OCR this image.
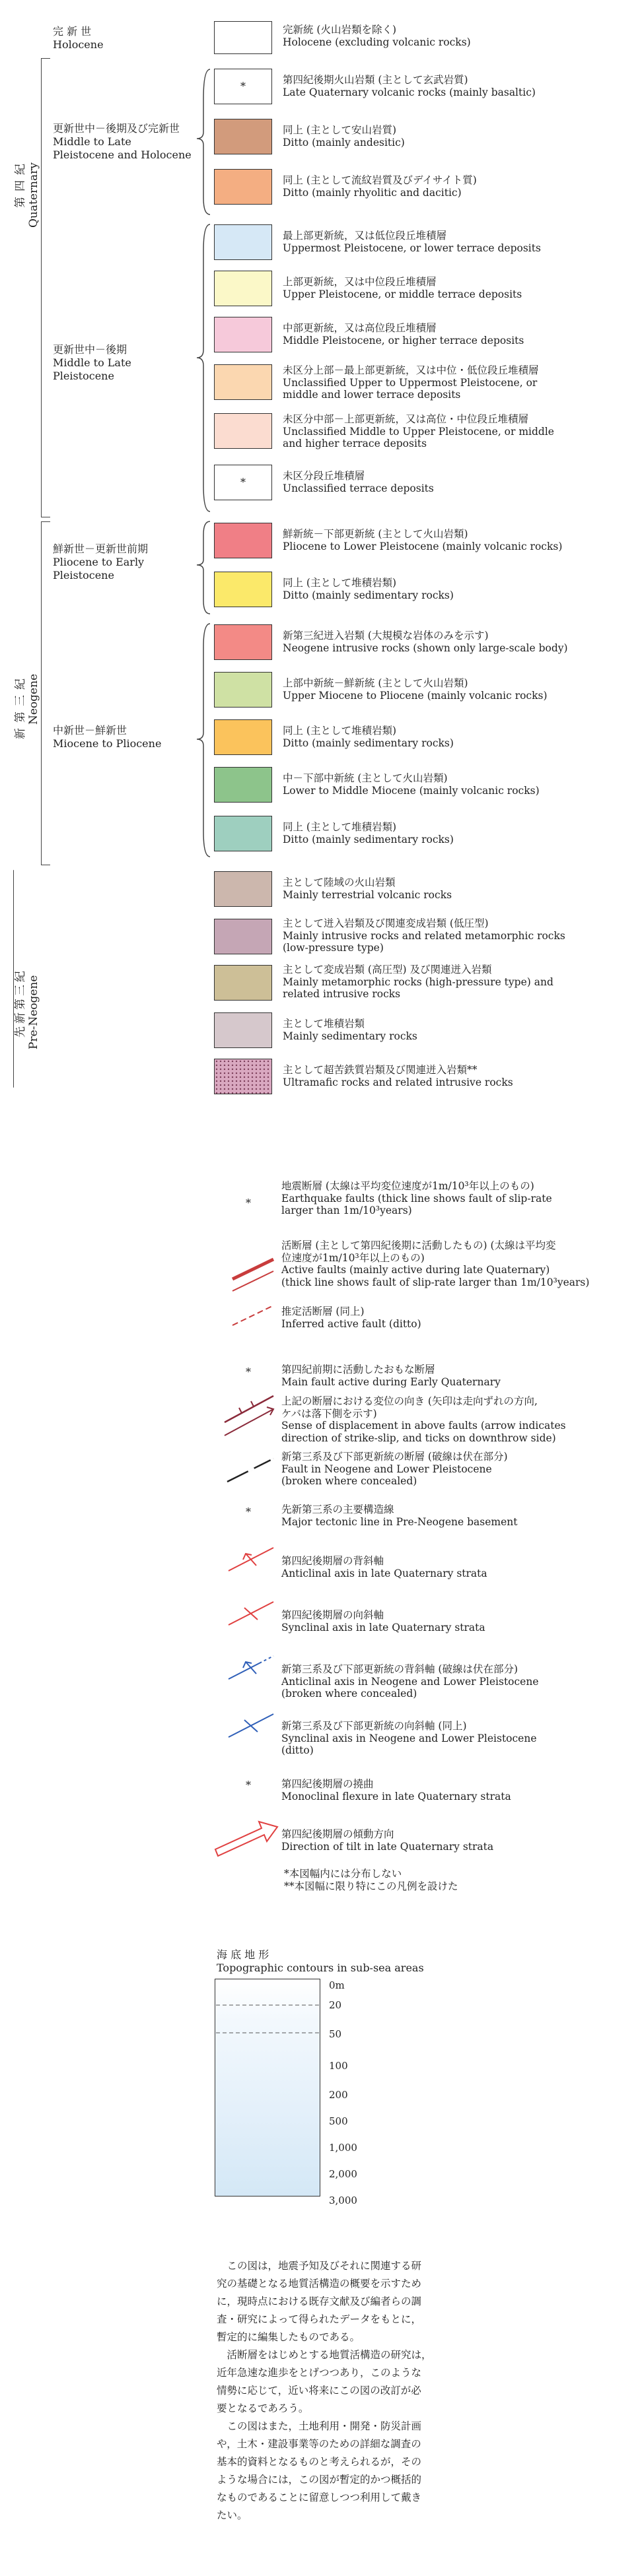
第四紀 Quaternary
新第三紀 Neogene
先新第三紀 Pre-Neogene
完 新 世
Holocene
更新世中－後期及び完新世
Middle to Late
Pleistocene and Holocene
更新世中－後期
Middle to Late
Pleistocene
鮮新世－更新世前期
Pliocene to Early
Pleistocene
中新世－鮮新世
Miocene to Pliocene
完新統 (火山岩類を除く)
Holocene (excluding volcanic rocks)
*	第四紀後期火山岩類 (主として玄武岩質)
Late Quaternary volcanic rocks (mainly basaltic)
同上 (主として安山岩質)
Ditto (mainly andesitic)
同上 (主として流紋岩質及びデイサイト質)
Ditto (mainly rhyolitic and dacitic)
最上部更新統，又は低位段丘堆積層
Uppermost Pleistocene, or lower terrace deposits
上部更新統，又は中位段丘堆積層
Upper Pleistocene, or middle terrace deposits
中部更新統，又は高位段丘堆積層
Middle Pleistocene, or higher terrace deposits
未区分上部－最上部更新統，又は中位・低位段丘堆積層
Unclassified Upper to Uppermost Pleistocene, or
middle and lower terrace deposits
未区分中部－上部更新統，又は高位・中位段丘堆積層
Unclassified Middle to Upper Pleistocene, or middle
and higher terrace deposits
*	未区分段丘堆積層
Unclassified terrace deposits
鮮新統－下部更新統 (主として火山岩類)
Pliocene to Lower Pleistocene (mainly volcanic rocks)
同上 (主として堆積岩類)
Ditto (mainly sedimentary rocks)
新第三紀迸入岩類 (大規模な岩体のみを示す)
Neogene intrusive rocks (shown only large-scale body)
上部中新統－鮮新統 (主として火山岩類)
Upper Miocene to Pliocene (mainly volcanic rocks)
同上 (主として堆積岩類)
Ditto (mainly sedimentary rocks)
中－下部中新統 (主として火山岩類)
Lower to Middle Miocene (mainly volcanic rocks)
同上 (主として堆積岩類)
Ditto (mainly sedimentary rocks)
主として陸域の火山岩類
Mainly terrestrial volcanic rocks
主として迸入岩類及び関連変成岩類 (低圧型)
Mainly intrusive rocks and related metamorphic rocks
(low-pressure type)
主として変成岩類 (高圧型) 及び関連迸入岩類
Mainly metamorphic rocks (high-pressure type) and
related intrusive rocks
主として堆積岩類
Mainly sedimentary rocks
主として超苦鉄質岩類及び関連迸入岩類**
Ultramafic rocks and related intrusive rocks
*
*
*
*
地震断層 (太線は平均変位速度が1m/10³年以上のもの)
Earthquake faults (thick line shows fault of slip-rate
larger than 1m/10³years)
活断層 (主として第四紀後期に活動したもの) (太線は平均変
位速度が1m/10³年以上のもの)
Active faults (mainly active during late Quaternary)
(thick line shows fault of slip-rate larger than 1m/10³years)
推定活断層 (同上)
Inferred active fault (ditto)
第四紀前期に活動したおもな断層
Main fault active during Early Quaternary
上記の断層における変位の向き (矢印は走向ずれの方向,
ケバは落下側を示す)
Sense of displacement in above faults (arrow indicates
direction of strike-slip, and ticks on downthrow side)
新第三系及び下部更新統の断層 (破線は伏在部分)
Fault in Neogene and Lower Pleistocene
(broken where concealed)
先新第三系の主要構造線
Major tectonic line in Pre-Neogene basement
第四紀後期層の背斜軸
Anticlinal axis in late Quaternary strata
第四紀後期層の向斜軸
Synclinal axis in late Quaternary strata
新第三系及び下部更新統の背斜軸 (破線は伏在部分)
Anticlinal axis in Neogene and Lower Pleistocene
(broken where concealed)
新第三系及び下部更新統の向斜軸 (同上)
Synclinal axis in Neogene and Lower Pleistocene
(ditto)
第四紀後期層の撓曲
Monoclinal flexure in late Quaternary strata
第四紀後期層の傾動方向
Direction of tilt in late Quaternary strata
*本図幅内には分布しない
**本図幅に限り特にこの凡例を設けた
海 底 地 形
Topographic contours in sub-sea areas
0m
20
50
100
200
500
1,000
2,000
3,000

　この図は，地震予知及びそれに関連する研

究の基礎となる地質活構造の概要を示すため

に，現時点における既存文献及び編者らの調

査・研究によって得られたデータをもとに，

暫定的に編集したものである。

　活断層をはじめとする地質活構造の研究は，

近年急速な進歩をとげつつあり，このような

情勢に応じて，近い将来にこの図の改訂が必

要となるであろう。

　この図はまた，土地利用・開発・防災計画

や，土木・建設事業等のための詳細な調査の

基本的資料となるものと考えられるが，その

ような場合には，この図が暫定的かつ概括的

なものであることに留意しつつ利用して戴き

たい。
